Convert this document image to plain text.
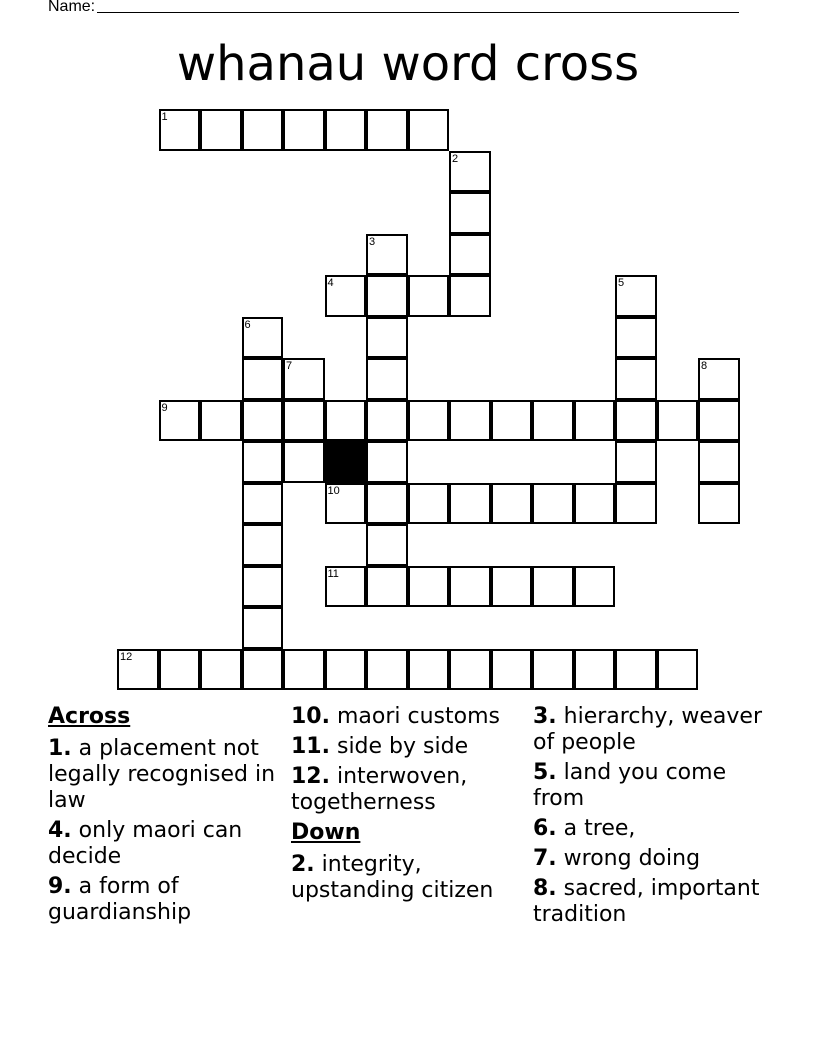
Name:
whanau word cross
1
2
3
4	5
6
7	8
9
10
11
12
Across
1. a placement not legally recognised in law
4. only maori can decide
9. a form of guardianship
10. maori customs
11. side by side
12. interwoven, togetherness
Down
2. integrity, upstanding citizen
3. hierarchy, weaver of people
5. land you come from
6. a tree,
7. wrong doing
8. sacred, important tradition
